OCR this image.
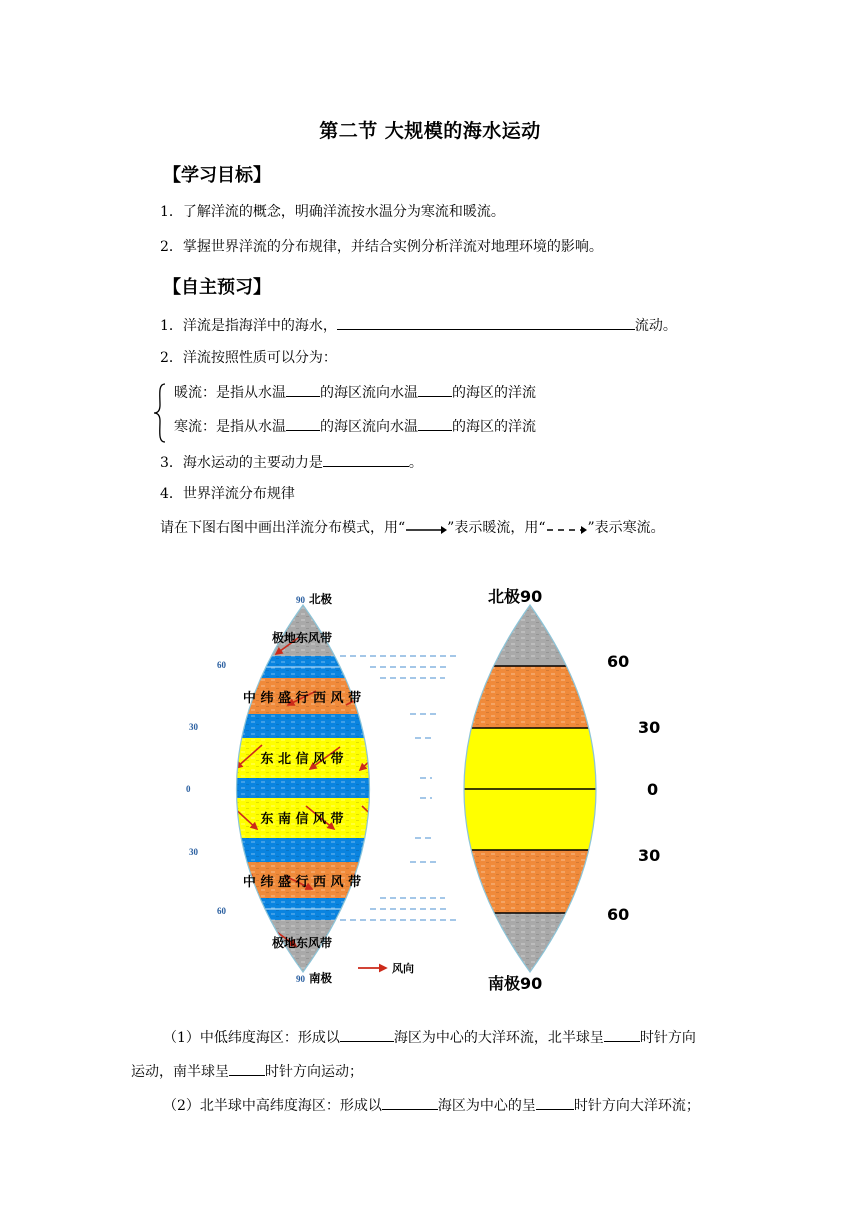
第二节 大规模的海水运动
【学习目标】
1．了解洋流的概念，明确洋流按水温分为寒流和暖流。
2．掌握世界洋流的分布规律，并结合实例分析洋流对地理环境的影响。
【自主预习】
1．洋流是指海洋中的海水，	流动。
2．洋流按照性质可以分为：
暖流：是指从水温 的海区流向水温 的海区的洋流
寒流：是指从水温 的海区流向水温 的海区的洋流
3．海水运动的主要动力是	。
4．世界洋流分布规律
请在下图右图中画出洋流分布模式，用“	”表示暖流，用“	”表示寒流。
90
60
30
0
30
60
90
北极
南极
极地东风带
中 纬 盛 行 西 风 带
东 北 信 风 带
东 南 信 风 带
中 纬 盛 行 西 风 带
极地东风带
风向
北极90
南极90
60
30
0
30
60
（1）中低纬度海区：形成以	海区为中心的大洋环流，北半球呈	时针方向
运动，南半球呈	时针方向运动；
（2）北半球中高纬度海区：形成以	海区为中心的呈	时针方向大洋环流；
